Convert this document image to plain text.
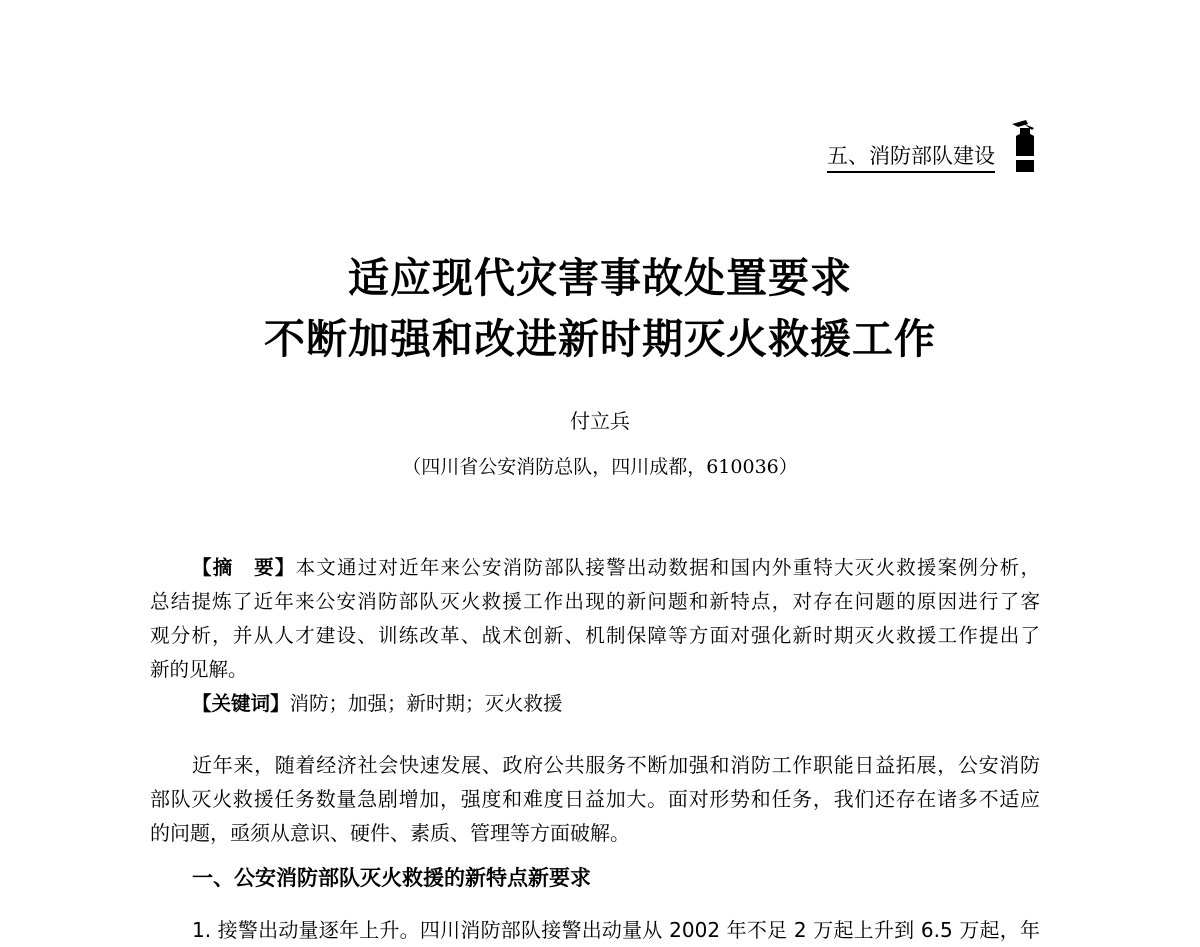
五、消防部队建设
适应现代灾害事故处置要求
不断加强和改进新时期灭火救援工作
付立兵
（四川省公安消防总队，四川成都，610036）
【摘　要】本文通过对近年来公安消防部队接警出动数据和国内外重特大灭火救援案例分析，
总结提炼了近年来公安消防部队灭火救援工作出现的新问题和新特点，对存在问题的原因进行了客
观分析，并从人才建设、训练改革、战术创新、机制保障等方面对强化新时期灭火救援工作提出了
新的见解。
【关键词】消防；加强；新时期；灭火救援
近年来，随着经济社会快速发展、政府公共服务不断加强和消防工作职能日益拓展，公安消防
部队灭火救援任务数量急剧增加，强度和难度日益加大。面对形势和任务，我们还存在诸多不适应
的问题，亟须从意识、硬件、素质、管理等方面破解。
一、公安消防部队灭火救援的新特点新要求
1. 接警出动量逐年上升。四川消防部队接警出动量从 2002 年不足 2 万起上升到 6.5 万起，年
